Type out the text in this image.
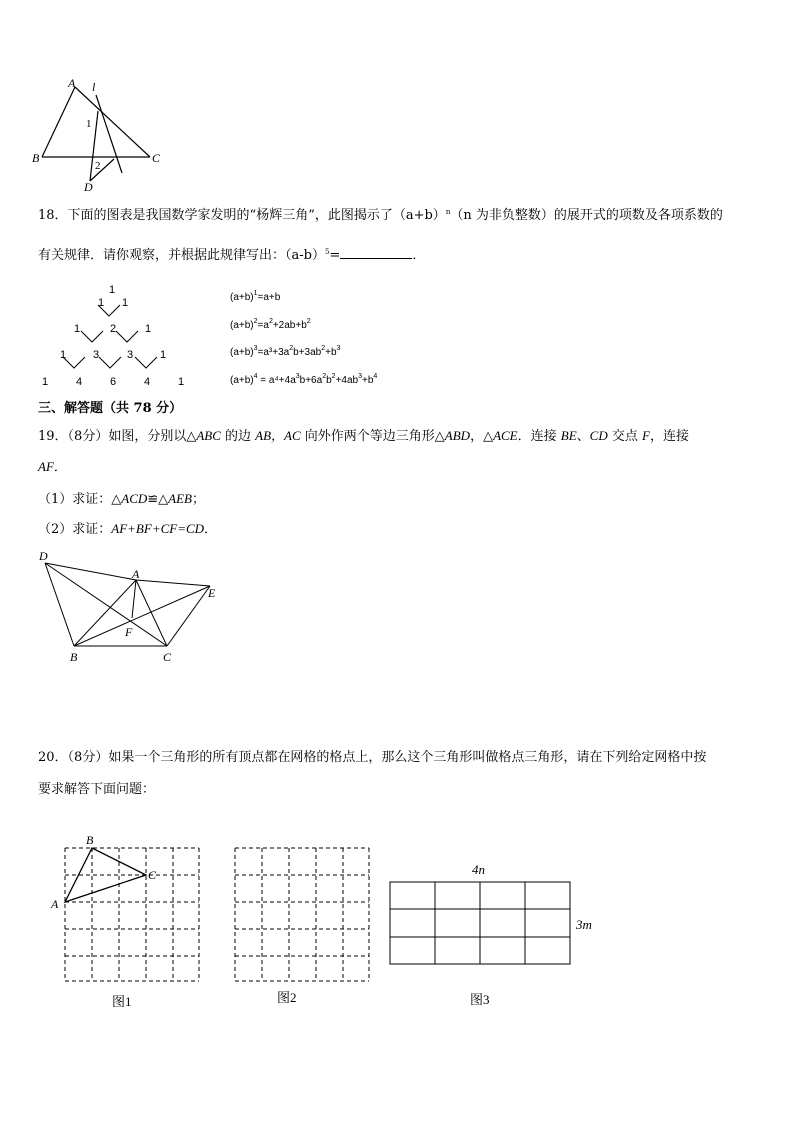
A l
1
B	C
2
D
18．下面的图表是我国数学家发明的“杨辉三角”，此图揭示了$(a+b)^n(n$ 为非负整数）的展开式的项数及各项系数的
有关规律．请你观察，并根据此规律写出：$(a-b)^5=$	．
1
1 1
1	2	1
1 3	3 1
1	4	6	4	1
$(a+b)^1=a+b$
$(a+b)^2=a^2+2ab+b^2$
$(a+b)^3=a^3+3a^2b+3ab^2+b^3$
$(a+b)^4 = a^4+4a^3b+6a^2b^2+4ab^3+b^4$
三、解答题（共 78 分）
19．（8分）如图，分别以△ABC 的边 AB，AC 向外作两个等边三角形△ABD，△ACE．连接 BE、CD 交点 F，连接
AF．
（1）求证：△ACD≌△AEB；
（2）求证：AF+BF+CF=CD．
D
A
E
F
B	C
20．（8分）如果一个三角形的所有顶点都在网格的格点上，那么这个三角形叫做格点三角形，请在下列给定网格中按
要求解答下面问题：
B
C
A
图1	图2
4n
3m
图3
